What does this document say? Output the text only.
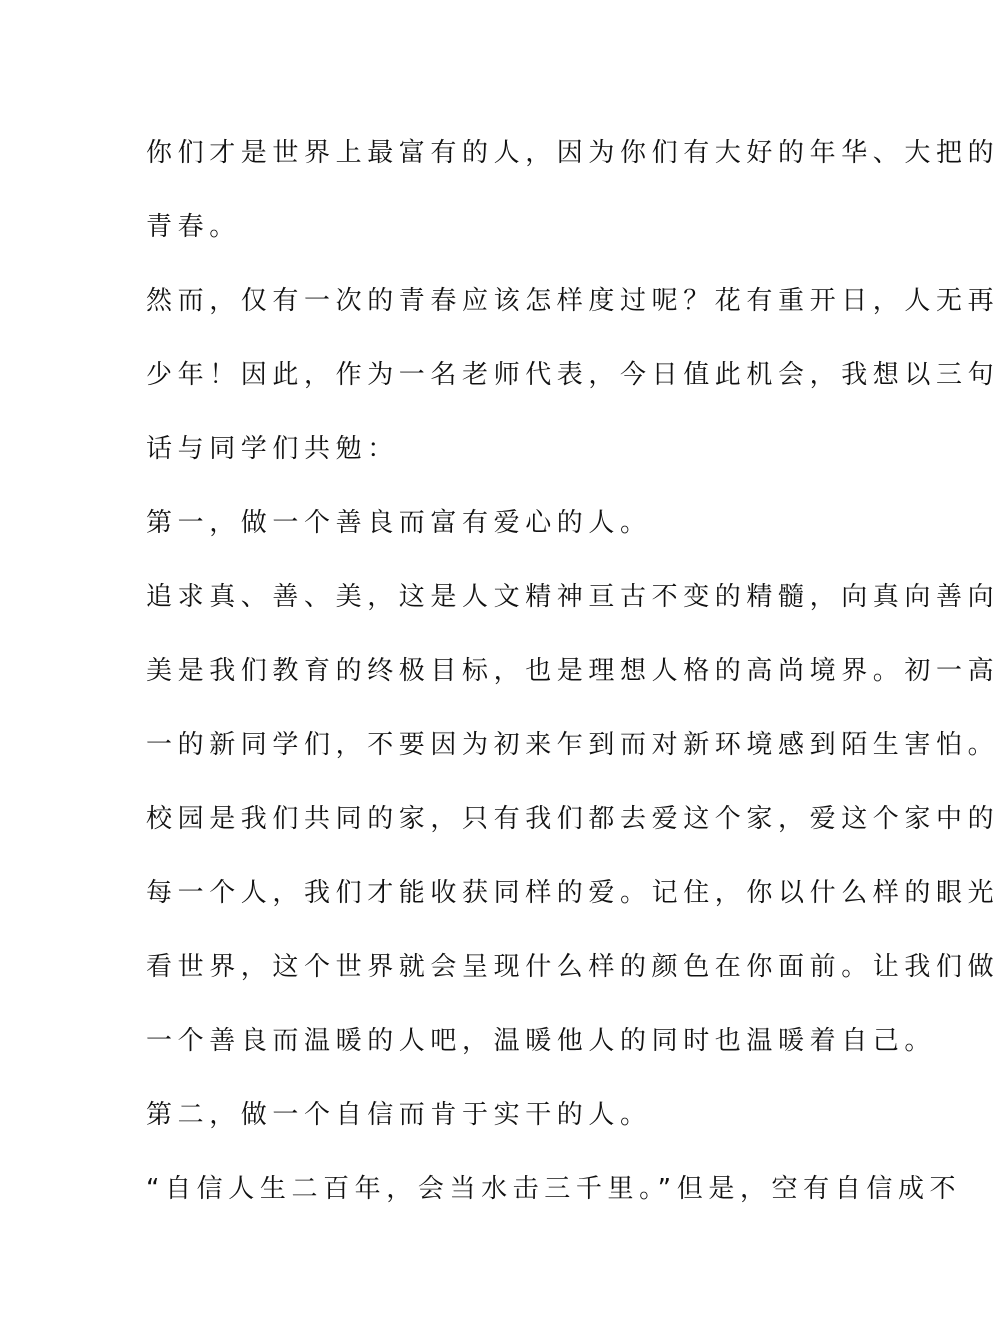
你们才是世界上最富有的人，因为你们有大好的年华、大把的
青春。
然而，仅有一次的青春应该怎样度过呢？花有重开日，人无再
少年！因此，作为一名老师代表，今日值此机会，我想以三句
话与同学们共勉：
第一，做一个善良而富有爱心的人。
追求真、善、美，这是人文精神亘古不变的精髓，向真向善向
美是我们教育的终极目标，也是理想人格的高尚境界。初一高
一的新同学们，不要因为初来乍到而对新环境感到陌生害怕。
校园是我们共同的家，只有我们都去爱这个家，爱这个家中的
每一个人，我们才能收获同样的爱。记住，你以什么样的眼光
看世界，这个世界就会呈现什么样的颜色在你面前。让我们做
一个善良而温暖的人吧，温暖他人的同时也温暖着自己。
第二，做一个自信而肯于实干的人。
“自信人生二百年，会当水击三千里。”但是，空有自信成不
